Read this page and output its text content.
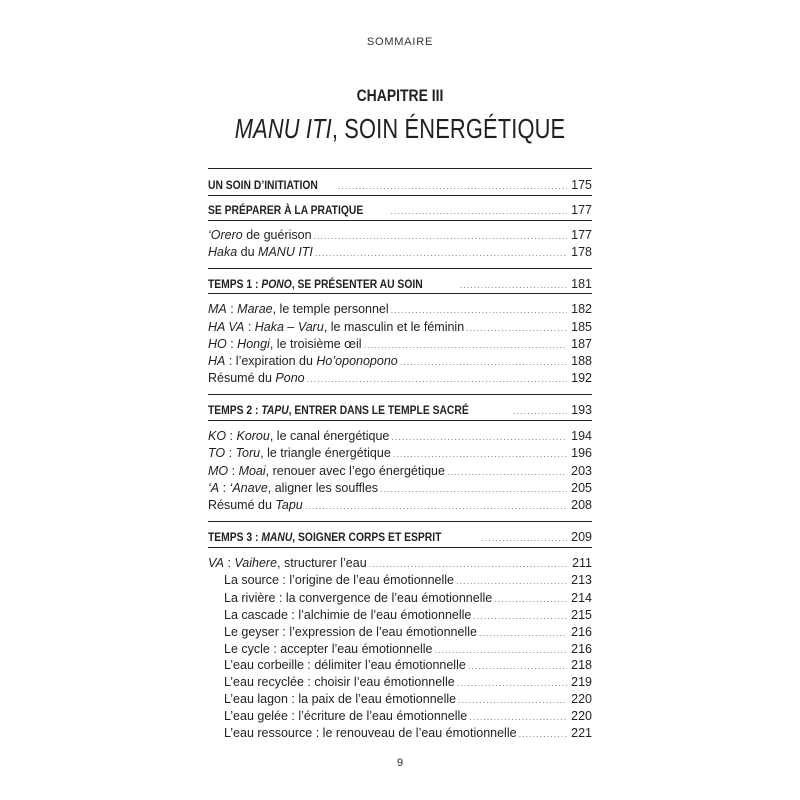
SOMMAIRE
CHAPITRE III
MANU ITI, SOIN ÉNERGÉTIQUE
UN SOIN D’INITIATION .....	175
SE PRÉPARER À LA PRATIQUE .....	177
‘Orero de guérison .....	177
Haka du MANU ITI .....	178
TEMPS 1 : PONO, SE PRÉSENTER AU SOIN .....	181
MA : Marae, le temple personnel .....	182
HA VA : Haka – Varu, le masculin et le féminin .....	185
HO : Hongi, le troisième œil .....	187
HA : l’expiration du Ho’oponopono .....	188
Résumé du Pono .....	192
TEMPS 2 : TAPU, ENTRER DANS LE TEMPLE SACRÉ .....	193
KO : Korou, le canal énergétique .....	194
TO : Toru, le triangle énergétique .....	196
MO : Moai, renouer avec l’ego énergétique .....	203
‘A : ‘Anave, aligner les souffles .....	205
Résumé du Tapu .....	208
TEMPS 3 : MANU, SOIGNER CORPS ET ESPRIT .....	209
VA : Vaihere, structurer l’eau .....	211
La source : l’origine de l’eau émotionnelle .....	213
La rivière : la convergence de l’eau émotionnelle .....	214
La cascade : l’alchimie de l’eau émotionnelle .....	215
Le geyser : l’expression de l’eau émotionnelle .....	216
Le cycle : accepter l’eau émotionnelle .....	216
L’eau corbeille : délimiter l’eau émotionnelle .....	218
L’eau recyclée : choisir l’eau émotionnelle .....	219
L’eau lagon : la paix de l’eau émotionnelle .....	220
L’eau gelée : l’écriture de l’eau émotionnelle .....	220
L’eau ressource : le renouveau de l’eau émotionnelle .....	221
9
